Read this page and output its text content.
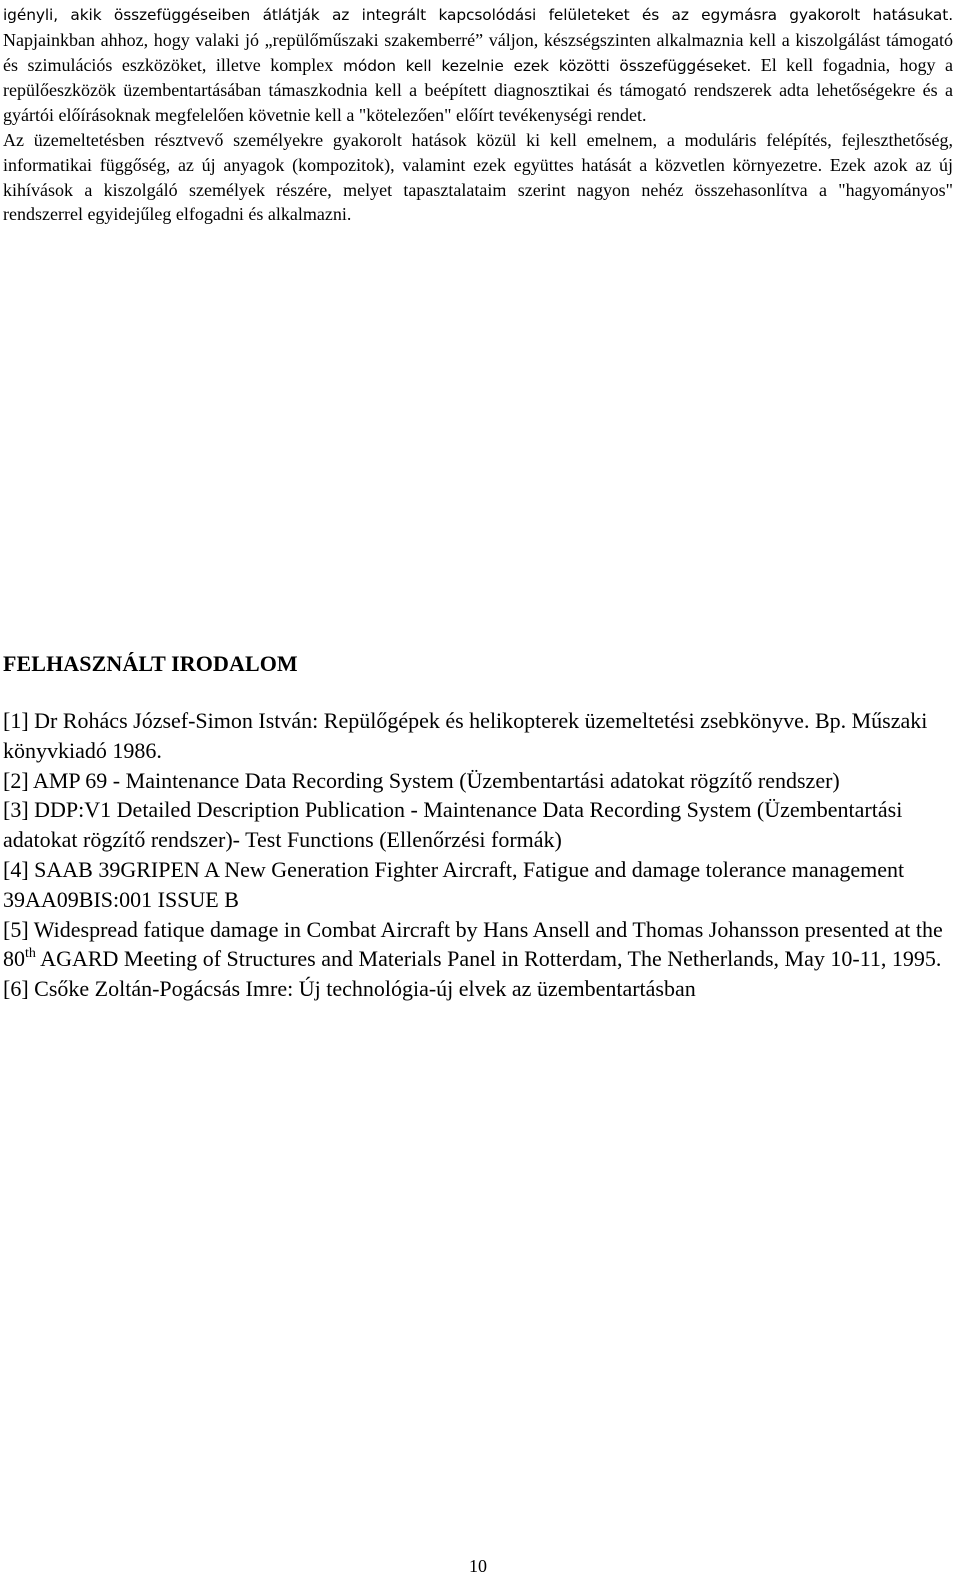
igényli, akik összefüggéseiben átlátják az integrált kapcsolódási felületeket és az egymásra gyakorolt hatásukat. Napjainkban ahhoz, hogy valaki jó „repülőműszaki szakemberré” váljon, készségszinten alkalmaznia kell a kiszolgálást támogató és szimulációs eszközöket, illetve komplex módon kell kezelnie ezek közötti összefüggéseket. El kell fogadnia, hogy a repülőeszközök üzembentartásában támaszkodnia kell a beépített diagnosztikai és támogató rendszerek adta lehetőségekre és a gyártói előírásoknak megfelelően követnie kell a "kötelezően" előírt tevékenységi rendet.

Az üzemeltetésben résztvevő személyekre gyakorolt hatások közül ki kell emelnem, a moduláris felépítés, fejleszthetőség, informatikai függőség, az új anyagok (kompozitok), valamint ezek együttes hatását a közvetlen környezetre. Ezek azok az új kihívások a kiszolgáló személyek részére, melyet tapasztalataim szerint nagyon nehéz összehasonlítva a "hagyományos" rendszerrel egyidejűleg elfogadni és alkalmazni.

FELHASZNÁLT IRODALOM
[1] Dr Rohács József-Simon István: Repülőgépek és helikopterek üzemeltetési zsebkönyve. Bp. Műszaki könyvkiadó 1986.
[2] AMP 69 - Maintenance Data Recording System (Üzembentartási adatokat rögzítő rendszer)
[3] DDP:V1 Detailed Description Publication - Maintenance Data Recording System (Üzembentartási adatokat rögzítő rendszer)- Test Functions (Ellenőrzési formák)
[4] SAAB 39GRIPEN A New Generation Fighter Aircraft, Fatigue and damage tolerance management 39AA09BIS:001 ISSUE B
[5] Widespread fatique damage in Combat Aircraft by Hans Ansell and Thomas Johansson presented at the 80th AGARD Meeting of Structures and Materials Panel in Rotterdam, The Netherlands, May 10-11, 1995.
[6] Csőke Zoltán-Pogácsás Imre: Új technológia-új elvek az üzembentartásban

10
